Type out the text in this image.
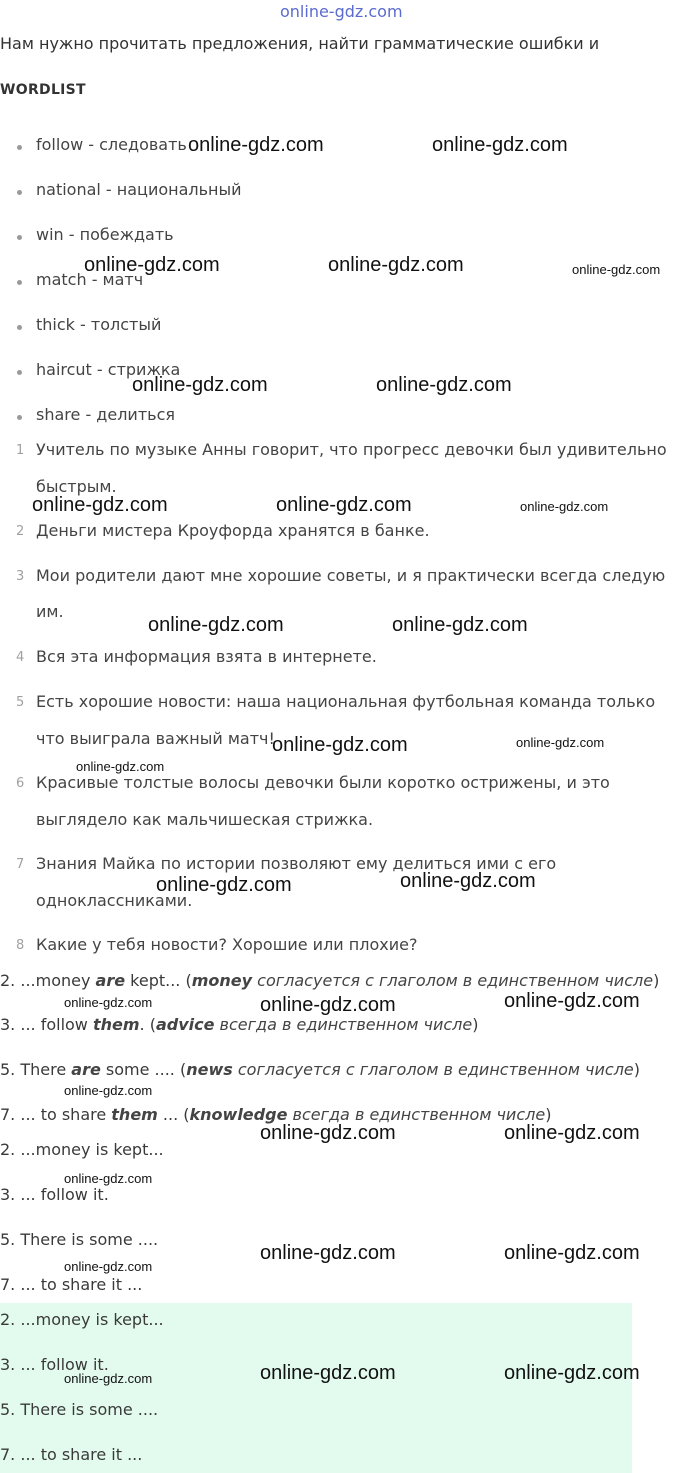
online-gdz.com
Нам нужно прочитать предложения, найти грамматические ошибки и
WORDLIST
follow - следовать
national - национальный
win - побеждать
match - матч
thick - толстый
haircut - стрижка
share - делиться
1 Учитель по музыке Анны говорит, что прогресс девочки был удивительно
быстрым.
2 Деньги мистера Кроуфорда хранятся в банке.
3 Мои родители дают мне хорошие советы, и я практически всегда следую
им.
4 Вся эта информация взята в интернете.
5 Есть хорошие новости: наша национальная футбольная команда только
что выиграла важный матч!
6 Красивые толстые волосы девочки были коротко острижены, и это
выглядело как мальчишеская стрижка.
7 Знания Майка по истории позволяют ему делиться ими с его
одноклассниками.
8 Какие у тебя новости? Хорошие или плохие?
2. ...money are kept... (money согласуется с глаголом в единственном числе)
3. ... follow them. (advice всегда в единственном числе)
5. There are some .... (news согласуется с глаголом в единственном числе)
7. ... to share them ... (knowledge всегда в единственном числе)
2. ...money is kept...
3. ... follow it.
5. There is some ....
7. ... to share it ...
2. ...money is kept...
3. ... follow it.
5. There is some ....
7. ... to share it ...
online-gdz.com	online-gdz.com
online-gdz.com	online-gdz.com	online-gdz.com
online-gdz.com	online-gdz.com
online-gdz.com	online-gdz.com	online-gdz.com
online-gdz.com	online-gdz.com
online-gdz.com	online-gdz.com
online-gdz.com
online-gdz.com	online-gdz.com
online-gdz.com	online-gdz.com	online-gdz.com
online-gdz.com
online-gdz.com	online-gdz.com
online-gdz.com
online-gdz.com	online-gdz.com
online-gdz.com
online-gdz.com	online-gdz.com
online-gdz.com
